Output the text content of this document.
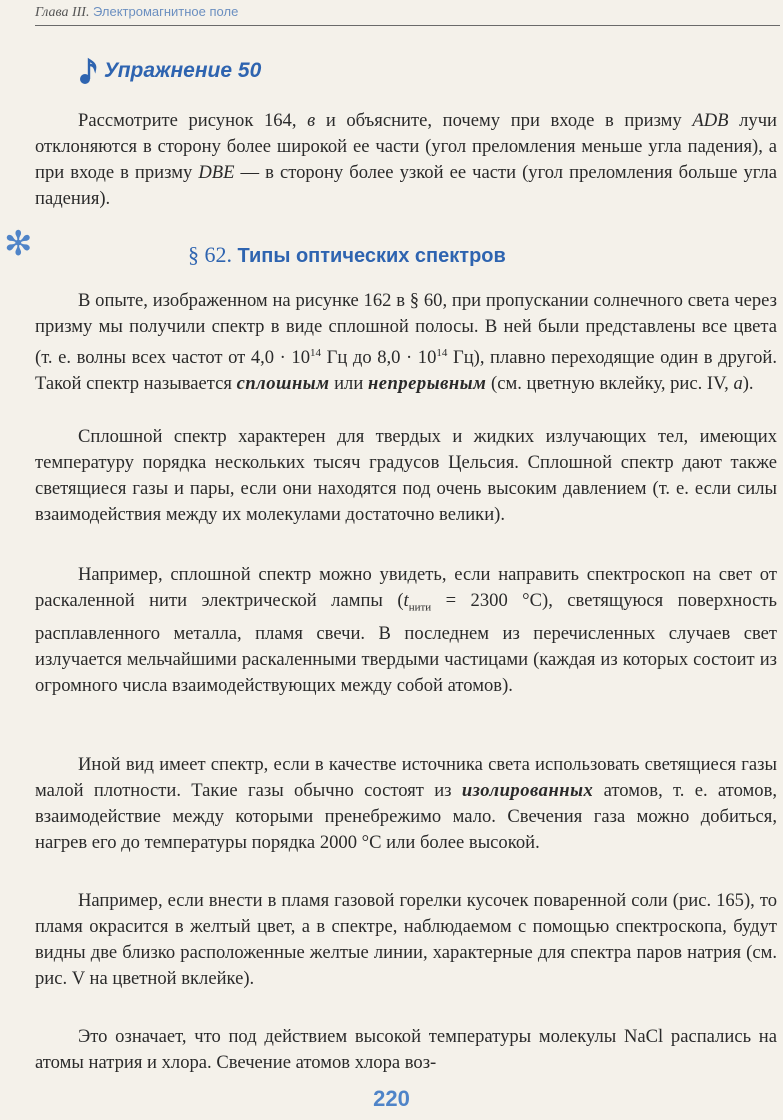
Глава III. Электромагнитное поле
Упражнение 50

Рассмотрите рисунок 164, в и объясните, почему при входе в призму ADB лучи отклоняются в сторону более широкой ее части (угол преломления меньше угла падения), а при входе в призму DBE — в сторону более узкой ее части (угол преломления больше угла падения).

✻	§ 62. Типы оптических спектров

В опыте, изображенном на рисунке 162 в § 60, при пропускании солнечного света через призму мы получили спектр в виде сплошной полосы. В ней были представлены все цвета (т. е. волны всех частот от $4,0 \cdot 10^{14}$ Гц до $8,0 \cdot 10^{14}$ Гц), плавно переходящие один в другой. Такой спектр называется сплошным или непрерывным (см. цветную вклейку, рис. IV, а).

Сплошной спектр характерен для твердых и жидких излучающих тел, имеющих температуру порядка нескольких тысяч градусов Цельсия. Сплошной спектр дают также светящиеся газы и пары, если они находятся под очень высоким давлением (т. е. если силы взаимодействия между их молекулами достаточно велики).

Например, сплошной спектр можно увидеть, если направить спектроскоп на свет от раскаленной нити электрической лампы ($t_{нити} = 2300$ °C), светящуюся поверхность расплавленного металла, пламя свечи. В последнем из перечисленных случаев свет излучается мельчайшими раскаленными твердыми частицами (каждая из которых состоит из огромного числа взаимодействующих между собой атомов).

Иной вид имеет спектр, если в качестве источника света использовать светящиеся газы малой плотности. Такие газы обычно состоят из изолированных атомов, т. е. атомов, взаимодействие между которыми пренебрежимо мало. Свечения газа можно добиться, нагрев его до температуры порядка 2000 °C или более высокой.

Например, если внести в пламя газовой горелки кусочек поваренной соли (рис. 165), то пламя окрасится в желтый цвет, а в спектре, наблюдаемом с помощью спектроскопа, будут видны две близко расположенные желтые линии, характерные для спектра паров натрия (см. рис. V на цветной вклейке).

Это означает, что под действием высокой температуры молекулы NaCl распались на атомы натрия и хлора. Свечение атомов хлора воз-

220
